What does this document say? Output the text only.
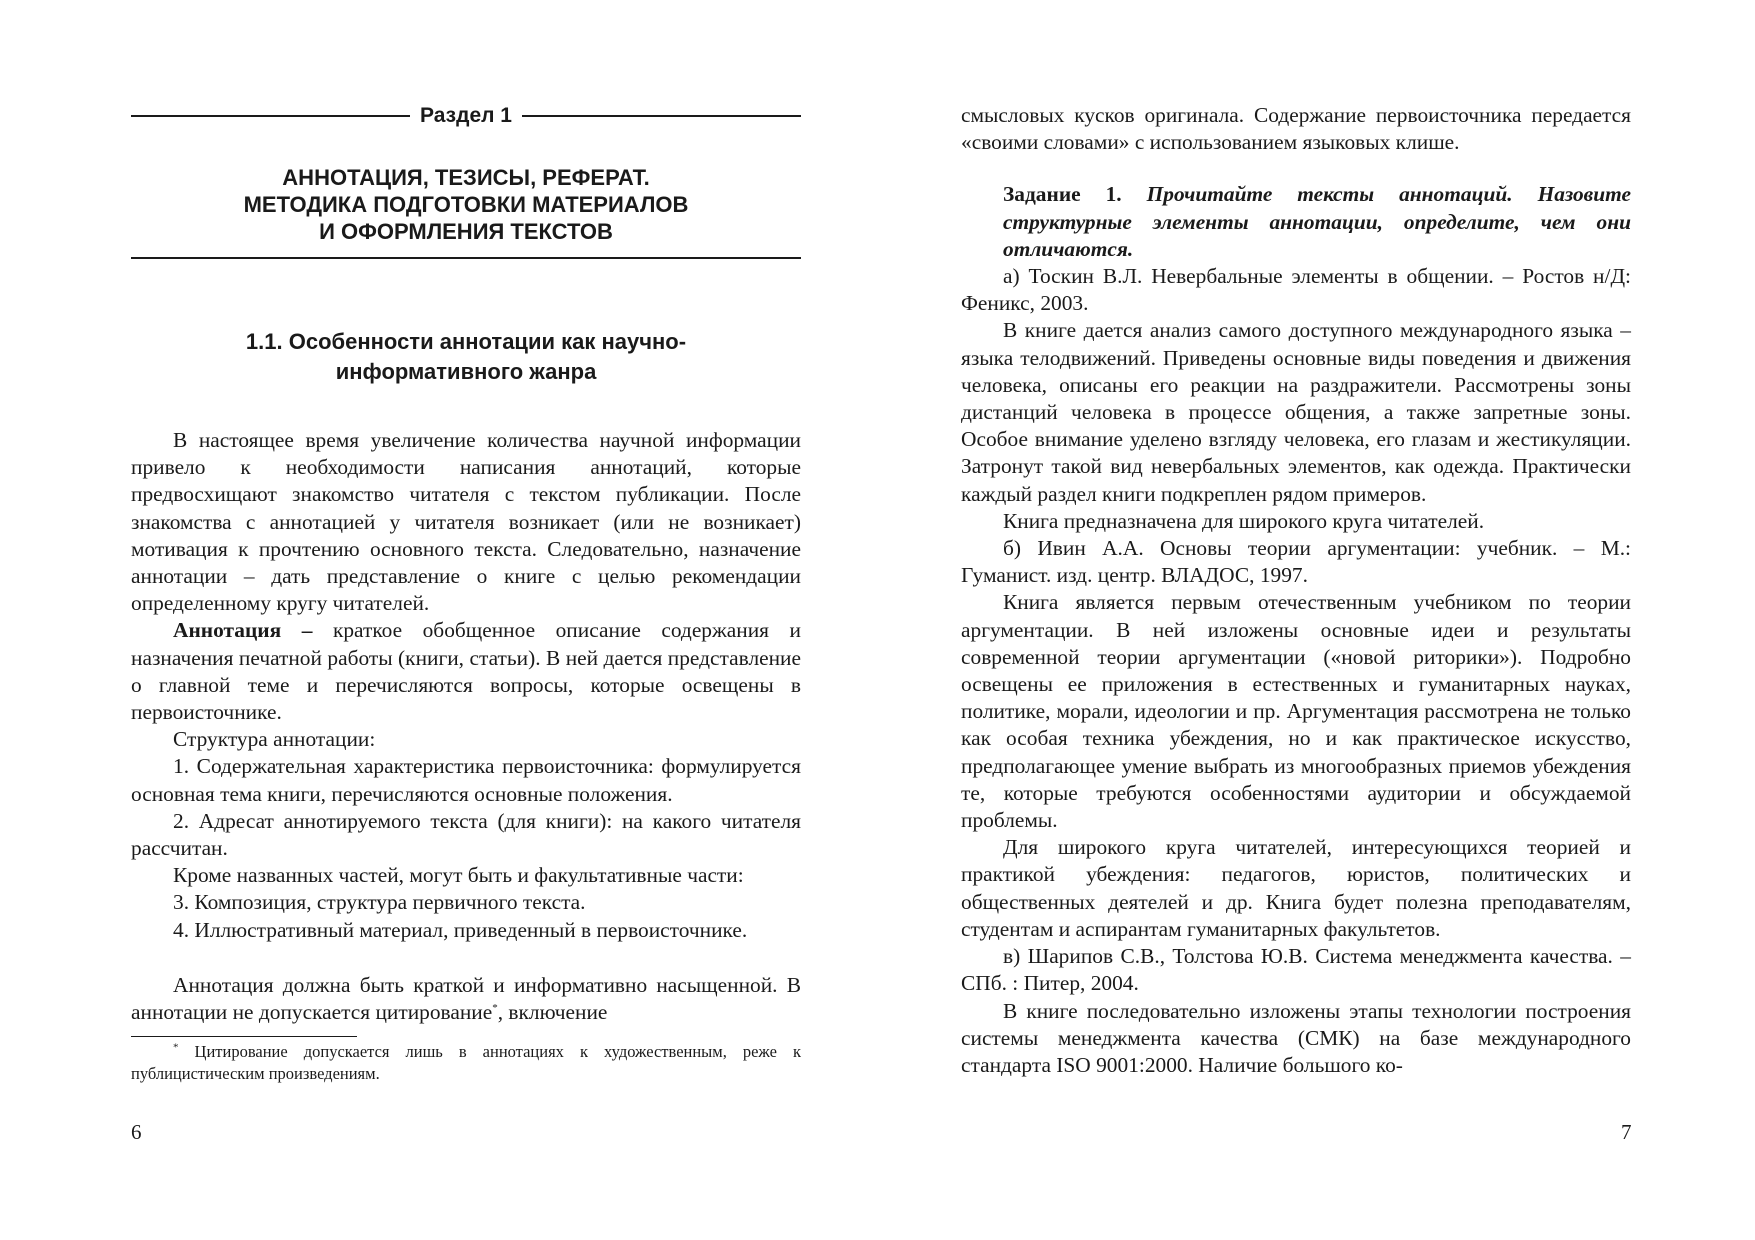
Раздел 1
АННОТАЦИЯ, ТЕЗИСЫ, РЕФЕРАТ.
МЕТОДИКА ПОДГОТОВКИ МАТЕРИАЛОВ
И ОФОРМЛЕНИЯ ТЕКСТОВ
1.1. Особенности аннотации как научно-
информативного жанра

В настоящее время увеличение количества научной информации привело к необходимости написания аннотаций, которые предвосхищают знакомство читателя с текстом публикации. После знакомства с аннотацией у читателя возникает (или не возникает) мотивация к прочтению основного текста. Следовательно, назначение аннотации – дать представление о книге с целью рекомендации определенному кругу читателей.

Аннотация – краткое обобщенное описание содержания и назначения печатной работы (книги, статьи). В ней дается представление о главной теме и перечисляются вопросы, которые освещены в первоисточнике.

Структура аннотации:

1. Содержательная характеристика первоисточника: формулируется основная тема книги, перечисляются основные положения.

2. Адресат аннотируемого текста (для книги): на какого читателя рассчитан.

Кроме названных частей, могут быть и факультативные части:

3. Композиция, структура первичного текста.

4. Иллюстративный материал, приведенный в первоисточнике.

Аннотация должна быть краткой и информативно насыщенной. В аннотации не допускается цитирование*, включение

* Цитирование допускается лишь в аннотациях к художественным, реже к публицистическим произведениям.

6

смысловых кусков оригинала. Содержание первоисточника передается «своими словами» с использованием языковых клише.

Задание 1. Прочитайте тексты аннотаций. Назовите структурные элементы аннотации, определите, чем они отличаются.

а) Тоскин В.Л. Невербальные элементы в общении. – Ростов н/Д: Феникс, 2003.

В книге дается анализ самого доступного международного языка – языка телодвижений. Приведены основные виды поведения и движения человека, описаны его реакции на раздражители. Рассмотрены зоны дистанций человека в процессе общения, а также запретные зоны. Особое внимание уделено взгляду человека, его глазам и жестикуляции. Затронут такой вид невербальных элементов, как одежда. Практически каждый раздел книги подкреплен рядом примеров.

Книга предназначена для широкого круга читателей.

б) Ивин А.А. Основы теории аргументации: учебник. – М.: Гуманист. изд. центр. ВЛАДОС, 1997.

Книга является первым отечественным учебником по теории аргументации. В ней изложены основные идеи и результаты современной теории аргументации («новой риторики»). Подробно освещены ее приложения в естественных и гуманитарных науках, политике, морали, идеологии и пр. Аргументация рассмотрена не только как особая техника убеждения, но и как практическое искусство, предполагающее умение выбрать из многообразных приемов убеждения те, которые требуются особенностями аудитории и обсуждаемой проблемы.

Для широкого круга читателей, интересующихся теорией и практикой убеждения: педагогов, юристов, политических и общественных деятелей и др. Книга будет полезна преподавателям, студентам и аспирантам гуманитарных факультетов.

в) Шарипов С.В., Толстова Ю.В. Система менеджмента качества. – СПб. : Питер, 2004.

В книге последовательно изложены этапы технологии построения системы менеджмента качества (СМК) на базе международного стандарта ISO 9001:2000. Наличие большого ко-

7
